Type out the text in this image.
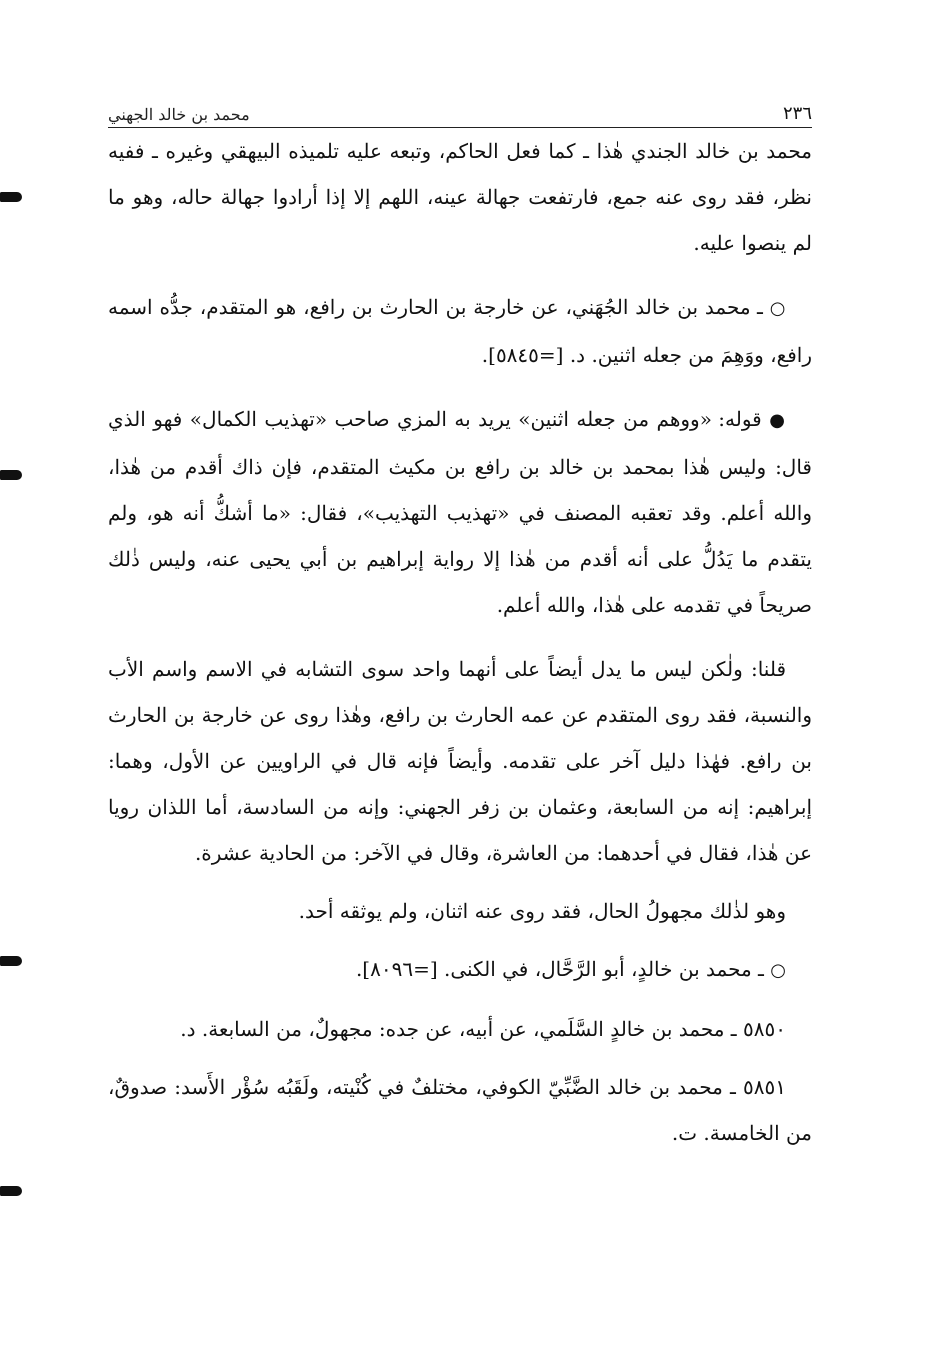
٢٣٦
محمد بن خالد الجهني

محمد بن خالد الجندي هٰذا ـ كما فعل الحاكم، وتبعه عليه تلميذه البيهقي وغيره ـ ففيه نظر، فقد روى عنه جمع، فارتفعت جهالة عينه، اللهم إلا إذا أرادوا جهالة حاله، وهو ما لم ينصوا عليه.

○ ـ محمد بن خالد الجُهَني، عن خارجة بن الحارث بن رافع، هو المتقدم، جدُّه اسمه رافع، ووَهِمَ من جعله اثنين. د. [=٥٨٤٥].

● قوله: «ووهم من جعله اثنين» يريد به المزي صاحب «تهذيب الكمال» فهو الذي قال: وليس هٰذا بمحمد بن خالد بن رافع بن مكيث المتقدم، فإن ذاك أقدم من هٰذا، والله أعلم. وقد تعقبه المصنف في «تهذيب التهذيب»، فقال: «ما أشكُّ أنه هو، ولم يتقدم ما يَدُلُّ على أنه أقدم من هٰذا إلا رواية إبراهيم بن أبي يحيى عنه، وليس ذٰلك صريحاً في تقدمه على هٰذا، والله أعلم.

قلنا: ولٰكن ليس ما يدل أيضاً على أنهما واحد سوى التشابه في الاسم واسم الأب والنسبة، فقد روى المتقدم عن عمه الحارث بن رافع، وهٰذا روى عن خارجة بن الحارث بن رافع. فهٰذا دليل آخر على تقدمه. وأيضاً فإنه قال في الراويين عن الأول، وهما: إبراهيم: إنه من السابعة، وعثمان بن زفر الجهني: وإنه من السادسة، أما اللذان رويا عن هٰذا، فقال في أحدهما: من العاشرة، وقال في الآخر: من الحادية عشرة.

وهو لذٰلك مجهولُ الحال، فقد روى عنه اثنان، ولم يوثقه أحد.

○ ـ محمد بن خالدٍ، أبو الرَّحَّال، في الكنى. [=٨٠٩٦].

٥٨٥٠ ـ محمد بن خالدٍ السَّلَمي، عن أبيه، عن جده: مجهولٌ، من السابعة. د.

٥٨٥١ ـ محمد بن خالد الضَّبِّيّ الكوفي، مختلفٌ في كُنْيته، ولَقَبُه سُؤْر الأَسد: صدوقٌ، من الخامسة. ت.
